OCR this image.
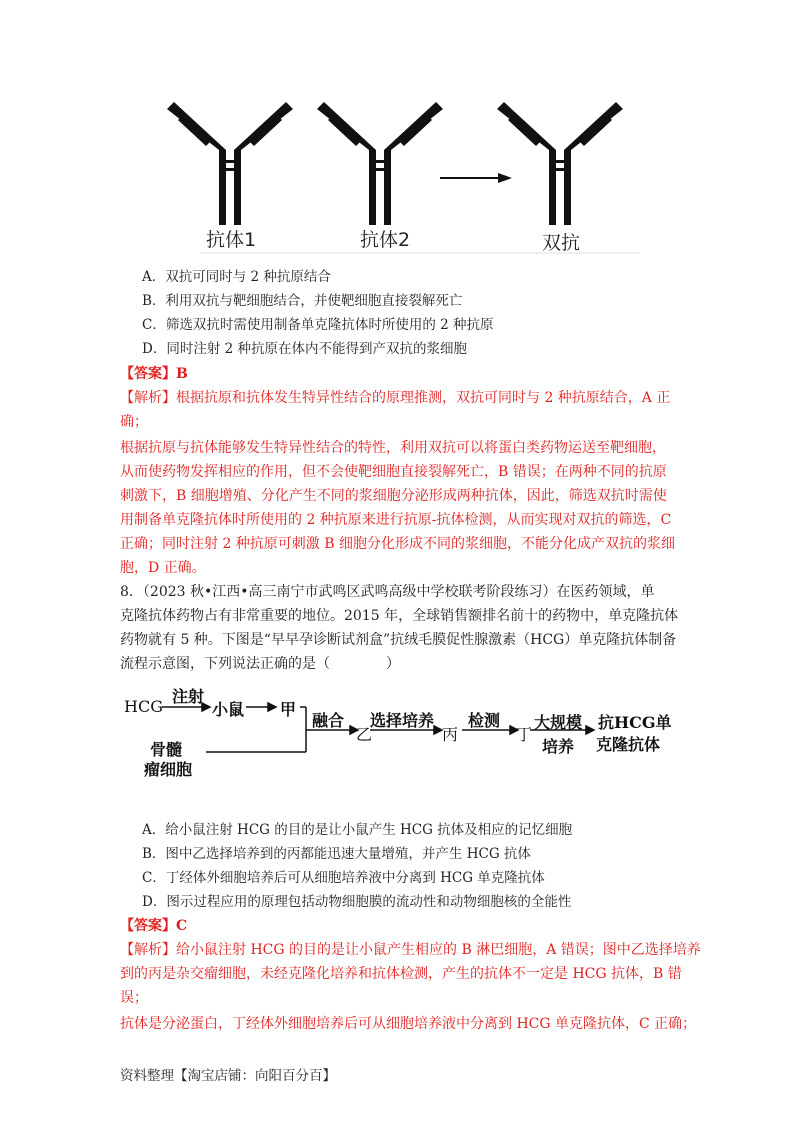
抗体1	抗体2	双抗
A．双抗可同时与 2 种抗原结合
B．利用双抗与靶细胞结合，并使靶细胞直接裂解死亡
C．筛选双抗时需使用制备单克隆抗体时所使用的 2 种抗原
D．同时注射 2 种抗原在体内不能得到产双抗的浆细胞
【答案】B
【解析】根据抗原和抗体发生特异性结合的原理推测，双抗可同时与 2 种抗原结合，A 正
确；
根据抗原与抗体能够发生特异性结合的特性，利用双抗可以将蛋白类药物运送至靶细胞，
从而使药物发挥相应的作用，但不会使靶细胞直接裂解死亡，B 错误；在两种不同的抗原
刺激下，B 细胞增殖、分化产生不同的浆细胞分泌形成两种抗体，因此，筛选双抗时需使
用制备单克隆抗体时所使用的 2 种抗原来进行抗原-抗体检测，从而实现对双抗的筛选，C
正确；同时注射 2 种抗原可刺激 B 细胞分化形成不同的浆细胞，不能分化成产双抗的浆细
胞，D 正确。
8．（2023 秋•江西•高三南宁市武鸣区武鸣高级中学校联考阶段练习）在医药领域，单
克隆抗体药物占有非常重要的地位。2015 年，全球销售额排名前十的药物中，单克隆抗体
药物就有 5 种。下图是“早早孕诊断试剂盒”抗绒毛膜促性腺激素（HCG）单克隆抗体制备
流程示意图，下列说法正确的是（　　　　）
HCG
注射
小鼠 甲
骨髓
瘤细胞
融合
乙
选择培养
丙
检测
丁
大规模
培养
抗HCG单
克隆抗体
A．给小鼠注射 HCG 的目的是让小鼠产生 HCG 抗体及相应的记忆细胞
B．图中乙选择培养到的丙都能迅速大量增殖，并产生 HCG 抗体
C．丁经体外细胞培养后可从细胞培养液中分离到 HCG 单克隆抗体
D．图示过程应用的原理包括动物细胞膜的流动性和动物细胞核的全能性
【答案】C
【解析】给小鼠注射 HCG 的目的是让小鼠产生相应的 B 淋巴细胞，A 错误；图中乙选择培养
到的丙是杂交瘤细胞，未经克隆化培养和抗体检测，产生的抗体不一定是 HCG 抗体，B 错
误；
抗体是分泌蛋白，丁经体外细胞培养后可从细胞培养液中分离到 HCG 单克隆抗体，C 正确；
资料整理【淘宝店铺：向阳百分百】
